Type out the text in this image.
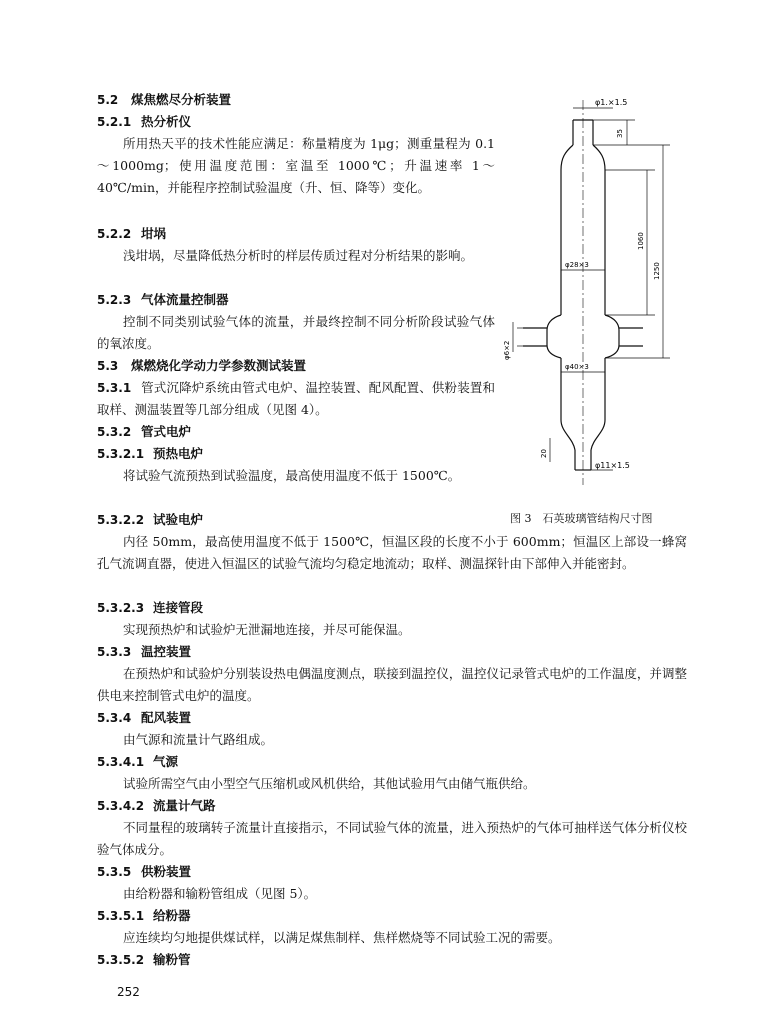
5.2 煤焦燃尽分析装置
5.2.1 热分析仪
所用热天平的技术性能应满足：称量精度为 1μg；测重量程为 0.1～1000mg；使用温度范围：室温至 1000℃；升温速率 1～40℃/min，并能程序控制试验温度（升、恒、降等）变化。
5.2.2 坩埚
浅坩埚，尽量降低热分析时的样层传质过程对分析结果的影响。
5.2.3 气体流量控制器
控制不同类别试验气体的流量，并最终控制不同分析阶段试验气体的氧浓度。
5.3 煤燃烧化学动力学参数测试装置
5.3.1 管式沉降炉系统由管式电炉、温控装置、配风配置、供粉装置和取样、测温装置等几部分组成（见图 4）。
5.3.2 管式电炉
5.3.2.1 预热电炉
将试验气流预热到试验温度，最高使用温度不低于 1500℃。
5.3.2.2 试验电炉
内径 50mm，最高使用温度不低于 1500℃，恒温区段的长度不小于 600mm；恒温区上部设一蜂窝孔气流调直器，使进入恒温区的试验气流均匀稳定地流动；取样、测温探针由下部伸入并能密封。
5.3.2.3 连接管段
实现预热炉和试验炉无泄漏地连接，并尽可能保温。
5.3.3 温控装置
在预热炉和试验炉分别装设热电偶温度测点，联接到温控仪，温控仪记录管式电炉的工作温度，并调整供电来控制管式电炉的温度。
5.3.4 配风装置
由气源和流量计气路组成。
5.3.4.1 气源
试验所需空气由小型空气压缩机或风机供给，其他试验用气由储气瓶供给。
5.3.4.2 流量计气路
不同量程的玻璃转子流量计直接指示，不同试验气体的流量，进入预热炉的气体可抽样送气体分析仪校验气体成分。
5.3.5 供粉装置
由给粉器和输粉管组成（见图 5）。
5.3.5.1 给粉器
应连续均匀地提供煤试样，以满足煤焦制样、焦样燃烧等不同试验工况的需要。
5.3.5.2 输粉管
252
φ1.×1.5
35
1060
1250
φ28×3
φ40×3
φ6×2
20
φ11×1.5
图 3　石英玻璃管结构尺寸图
